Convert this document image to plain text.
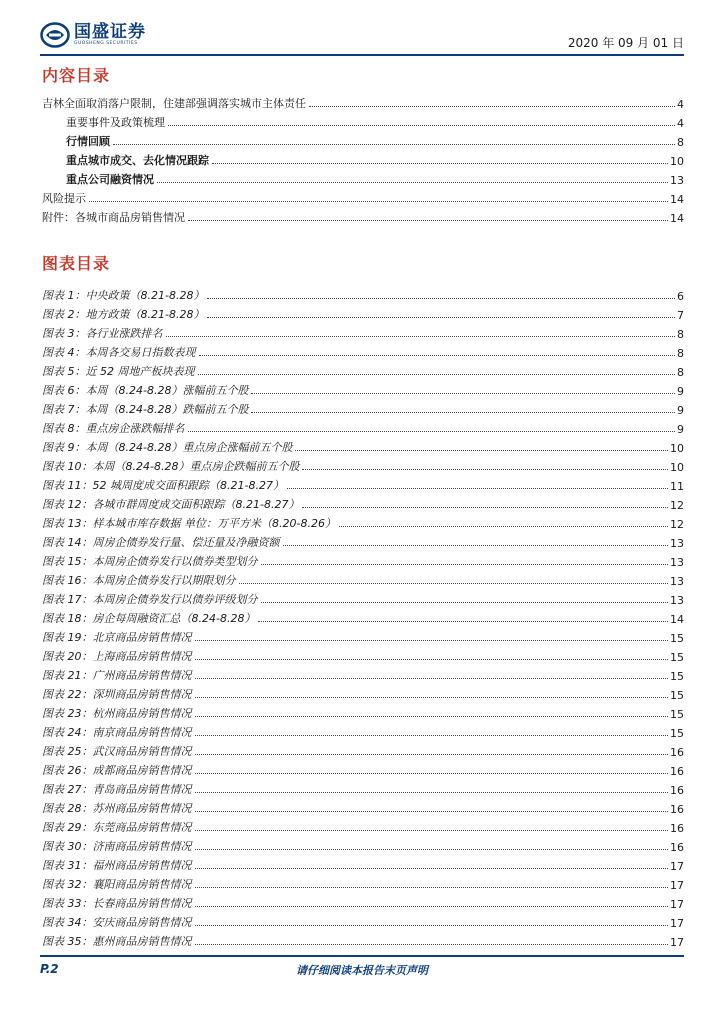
国盛证券
GUOSHENG SECURITIES	2020 年 09 月 01 日
内容目录
吉林全面取消落户限制，住建部强调落实城市主体责任	4
重要事件及政策梳理	4
行情回顾	8
重点城市成交、去化情况跟踪	10
重点公司融资情况	13
风险提示	14
附件：各城市商品房销售情况	14
图表目录
图表 1：中央政策（8.21-8.28）	6
图表 2：地方政策（8.21-8.28）	7
图表 3：各行业涨跌排名	8
图表 4：本周各交易日指数表现	8
图表 5：近 52 周地产板块表现	8
图表 6：本周（8.24-8.28）涨幅前五个股	9
图表 7：本周（8.24-8.28）跌幅前五个股	9
图表 8：重点房企涨跌幅排名	9
图表 9：本周（8.24-8.28）重点房企涨幅前五个股	10
图表 10：本周（8.24-8.28）重点房企跌幅前五个股	10
图表 11：52 城周度成交面积跟踪（8.21-8.27）	11
图表 12：各城市群周度成交面积跟踪（8.21-8.27）	12
图表 13：样本城市库存数据 单位：万平方米（8.20-8.26）	12
图表 14：周房企债券发行量、偿还量及净融资额	13
图表 15：本周房企债券发行以债券类型划分	13
图表 16：本周房企债券发行以期限划分	13
图表 17：本周房企债券发行以债券评级划分	13
图表 18：房企每周融资汇总（8.24-8.28）	14
图表 19：北京商品房销售情况	15
图表 20：上海商品房销售情况	15
图表 21：广州商品房销售情况	15
图表 22：深圳商品房销售情况	15
图表 23：杭州商品房销售情况	15
图表 24：南京商品房销售情况	15
图表 25：武汉商品房销售情况	16
图表 26：成都商品房销售情况	16
图表 27：青岛商品房销售情况	16
图表 28：苏州商品房销售情况	16
图表 29：东莞商品房销售情况	16
图表 30：济南商品房销售情况	16
图表 31：福州商品房销售情况	17
图表 32：襄阳商品房销售情况	17
图表 33：长春商品房销售情况	17
图表 34：安庆商品房销售情况	17
图表 35：惠州商品房销售情况	17
P.2	请仔细阅读本报告末页声明
